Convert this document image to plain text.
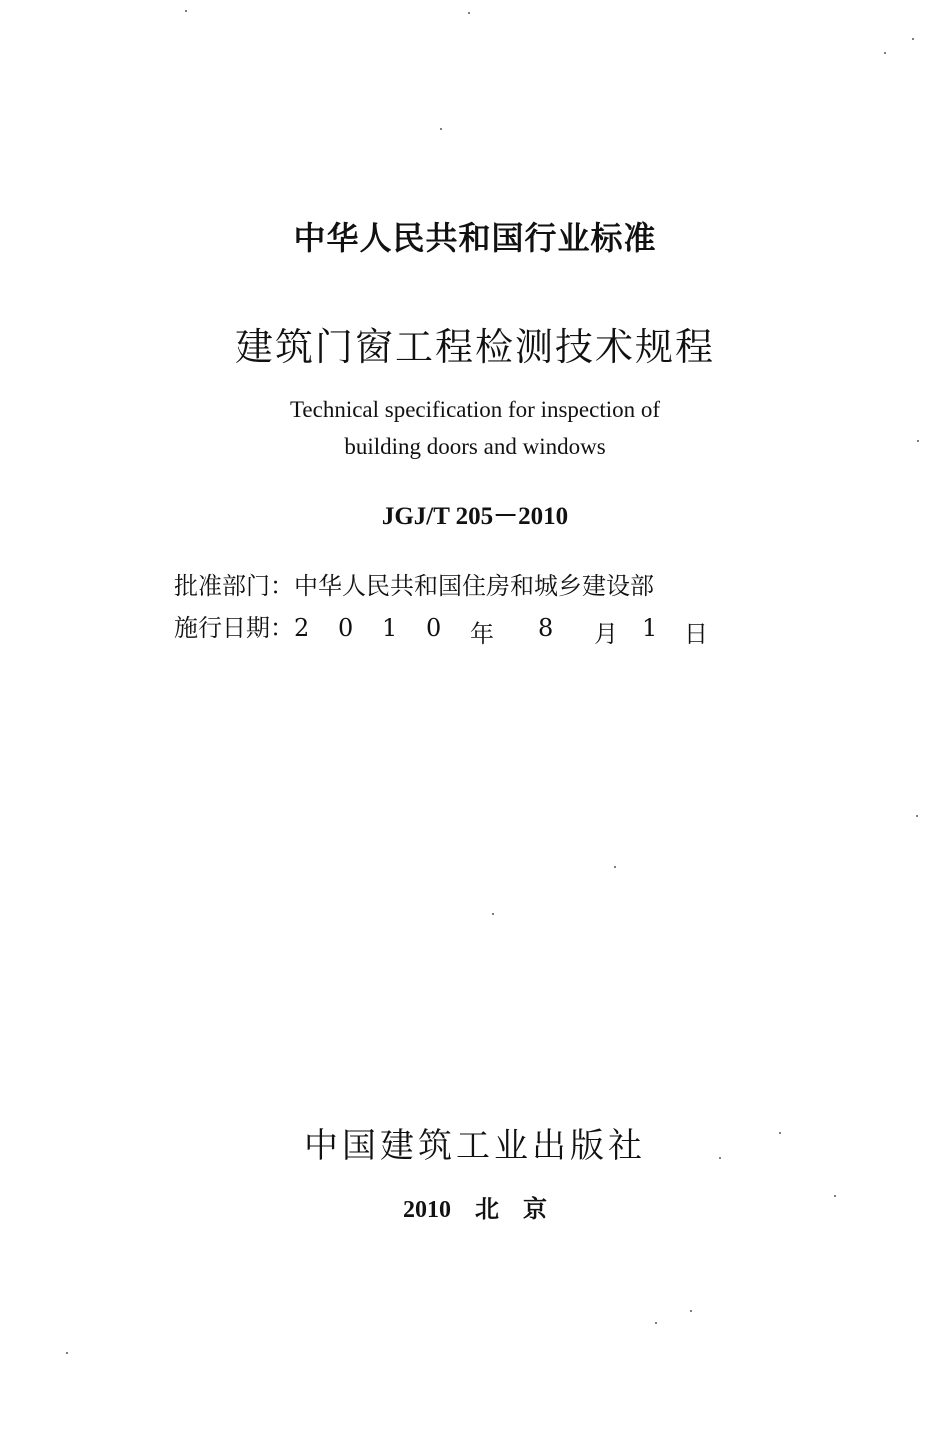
中华人民共和国行业标准
建筑门窗工程检测技术规程
Technical specification for inspection of
building doors and windows
JGJ/T 205－2010
批准部门：中华人民共和国住房和城乡建设部
施行日期： 2	0	1	0	年	8	月	1	日
中国建筑工业出版社
2010　 北　京
